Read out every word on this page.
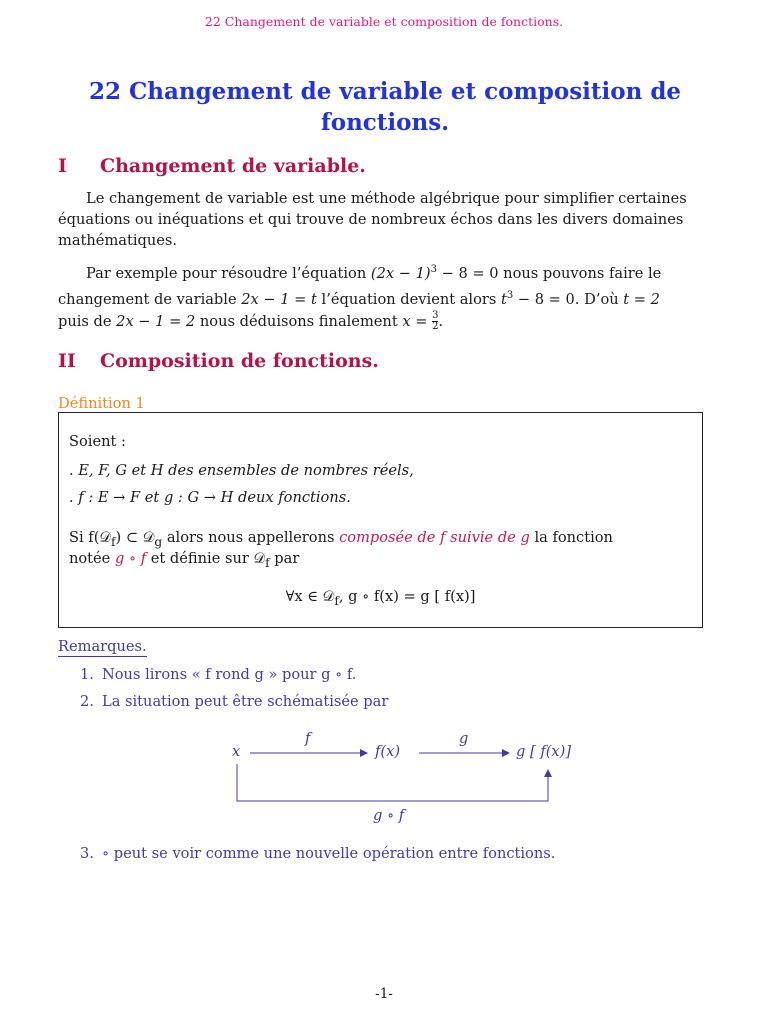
22 Changement de variable et composition de fonctions.
22 Changement de variable et composition de
fonctions.
I Changement de variable.
Le changement de variable est une méthode algébrique pour simplifier certaines
équations ou inéquations et qui trouve de nombreux échos dans les divers domaines
mathématiques.
Par exemple pour résoudre l’équation $(2x - 1)^3 - 8 = 0$ nous pouvons faire le
changement de variable 2x − 1 = t l’équation devient alors $t^3 - 8 = 0$. D’où t = 2
puis de 2x − 1 = 2 nous déduisons finalement $x = \frac{3}{2}$ .
II Composition de fonctions.
Définition 1
Soient :
. E, F, G et H des ensembles de nombres réels,
. f : E → F et g : G → H deux fonctions.
Si f(𝒟$_f$) ⊂ 𝒟$_g$ alors nous appellerons composée de f suivie de g la fonction
notée g ∘ f et définie sur 𝒟$_f$ par
∀x ∈ 𝒟$_f$, g ∘ f(x) = g [ f(x)]
Remarques.
1. Nous lirons « f rond g » pour g ∘ f.
2. La situation peut être schématisée par
x
f
f(x)
g
g [ f(x)]
g ∘ f
3. ∘ peut se voir comme une nouvelle opération entre fonctions.
-1-
